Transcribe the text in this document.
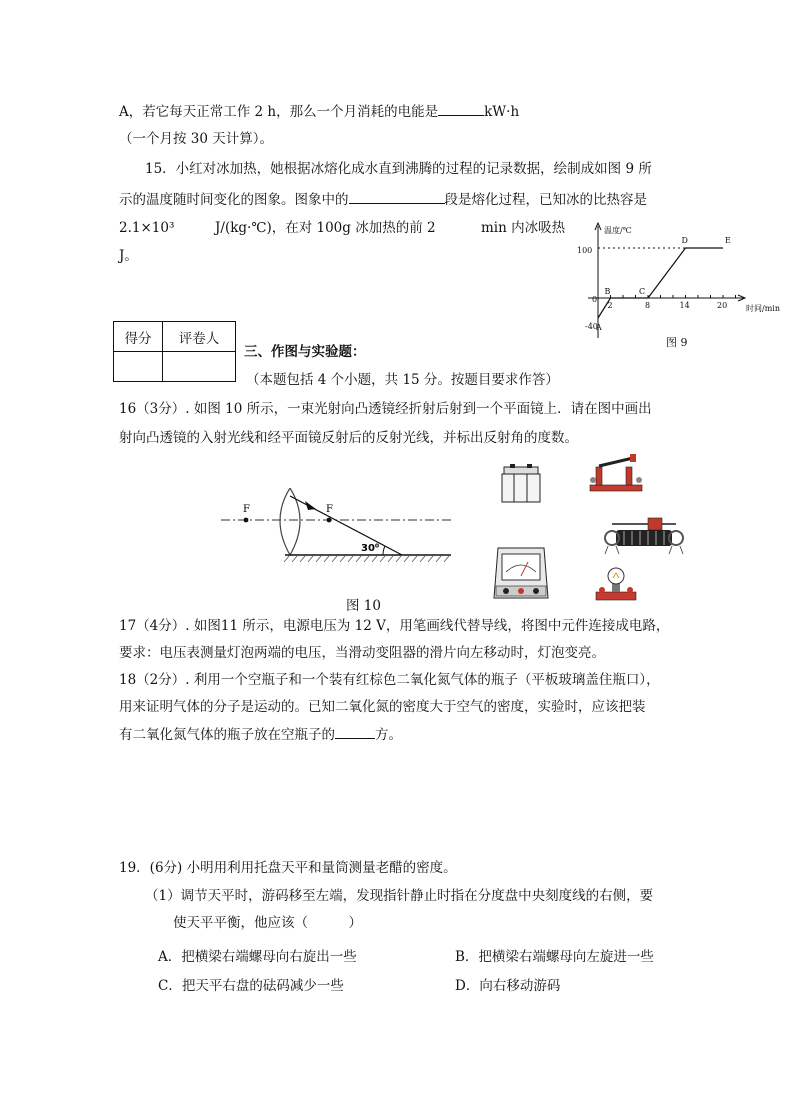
A，若它每天正常工作 2 h，那么一个月消耗的电能是	kW·h
（一个月按 30 天计算）。
15．小红对冰加热，她根据冰熔化成水直到沸腾的过程的记录数据，绘制成如图 9 所
示的温度随时间变化的图象。图象中的	段是熔化过程，已知冰的比热容是
2.1×10³	J/(kg·℃)，在对 100g 冰加热的前 2	min 内冰吸热
J。
温度/℃
时间/min
100
0
-40
2	8	14	20
A
B	C
D	E
图 9
得分	评卷人

三、作图与实验题：
（本题包括 4 个小题，共 15 分。按题目要求作答）
16（3分）. 如图 10 所示，一束光射向凸透镜经折射后射到一个平面镜上．请在图中画出
射向凸透镜的入射光线和经平面镜反射后的反射光线，并标出反射角的度数。
F	F
30⁰
图 10
17（4分）. 如图11 所示，电源电压为 12 V，用笔画线代替导线，将图中元件连接成电路，
要求：电压表测量灯泡两端的电压，当滑动变阻器的滑片向左移动时，灯泡变亮。
18（2分）. 利用一个空瓶子和一个装有红棕色二氧化氮气体的瓶子（平板玻璃盖住瓶口），
用来证明气体的分子是运动的。已知二氧化氮的密度大于空气的密度，实验时，应该把装
有二氧化氮气体的瓶子放在空瓶子的	方。
19．(6分) 小明用利用托盘天平和量筒测量老醋的密度。
（1）调节天平时，游码移至左端，发现指针静止时指在分度盘中央刻度线的右侧，要
使天平平衡，他应该（　　　）
A．把横梁右端螺母向右旋出一些	B．把横梁右端螺母向左旋进一些
C．把天平右盘的砝码减少一些	D．向右移动游码
